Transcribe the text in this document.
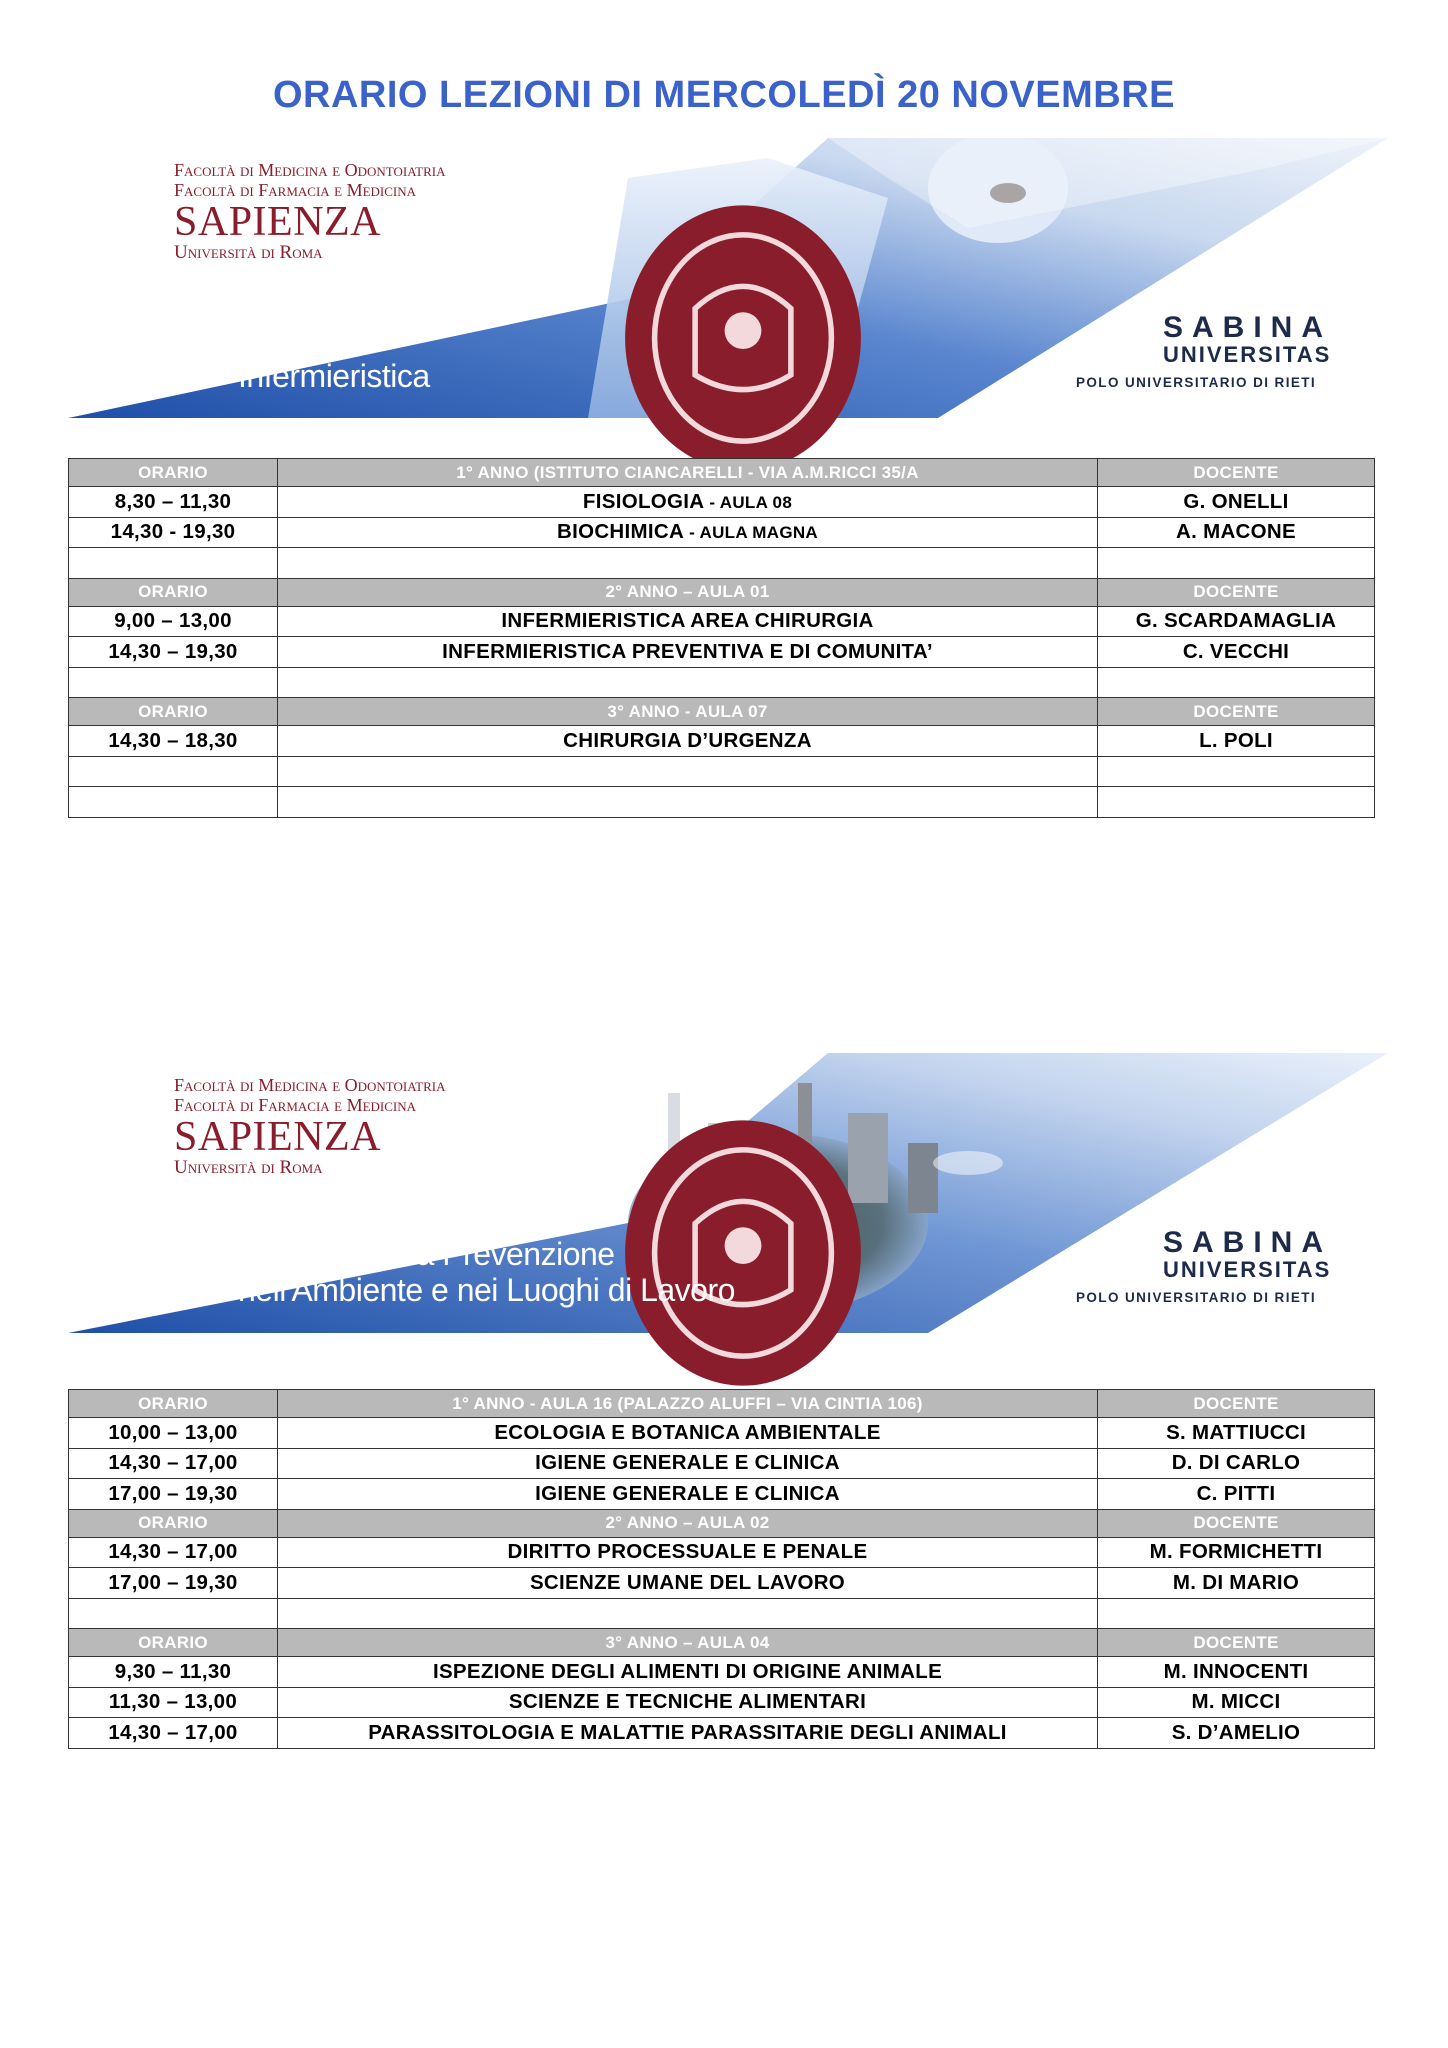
ORARIO LEZIONI DI MERCOLEDÌ 20 NOVEMBRE
Facoltà di Medicina e Odontoiatria
Facoltà di Farmacia e Medicina
SAPIENZA
Università di Roma
Infermieristica
SABINA
UNIVERSITAS
POLO UNIVERSITARIO DI RIETI
ORARIO	1° ANNO (ISTITUTO CIANCARELLI - VIA A.M.RICCI 35/A	DOCENTE
8,30 – 11,30	FISIOLOGIA - AULA 08	G. ONELLI
14,30 - 19,30	BIOCHIMICA - AULA MAGNA	A. MACONE

ORARIO	2° ANNO – AULA 01	DOCENTE
9,00 – 13,00	INFERMIERISTICA AREA CHIRURGIA	G. SCARDAMAGLIA
14,30 – 19,30	INFERMIERISTICA PREVENTIVA E DI COMUNITA’	C. VECCHI

ORARIO	3° ANNO - AULA 07	DOCENTE
14,30 – 18,30	CHIRURGIA D’URGENZA	L. POLI

Facoltà di Medicina e Odontoiatria
Facoltà di Farmacia e Medicina
SAPIENZA
Università di Roma
Tecniche della Prevenzione
nell'Ambiente e nei Luoghi di Lavoro
SABINA
UNIVERSITAS
POLO UNIVERSITARIO DI RIETI
ORARIO	1° ANNO - AULA 16 (PALAZZO ALUFFI – VIA CINTIA 106)	DOCENTE
10,00 – 13,00	ECOLOGIA E BOTANICA AMBIENTALE	S. MATTIUCCI
14,30 – 17,00	IGIENE GENERALE E CLINICA	D. DI CARLO
17,00 – 19,30	IGIENE GENERALE E CLINICA	C. PITTI
ORARIO	2° ANNO – AULA 02	DOCENTE
14,30 – 17,00	DIRITTO PROCESSUALE E PENALE	M. FORMICHETTI
17,00 – 19,30	SCIENZE UMANE DEL LAVORO	M. DI MARIO

ORARIO	3° ANNO – AULA 04	DOCENTE
9,30 – 11,30	ISPEZIONE DEGLI ALIMENTI DI ORIGINE ANIMALE	M. INNOCENTI
11,30 – 13,00	SCIENZE E TECNICHE ALIMENTARI	M. MICCI
14,30 – 17,00	PARASSITOLOGIA E MALATTIE PARASSITARIE DEGLI ANIMALI	S. D’AMELIO
